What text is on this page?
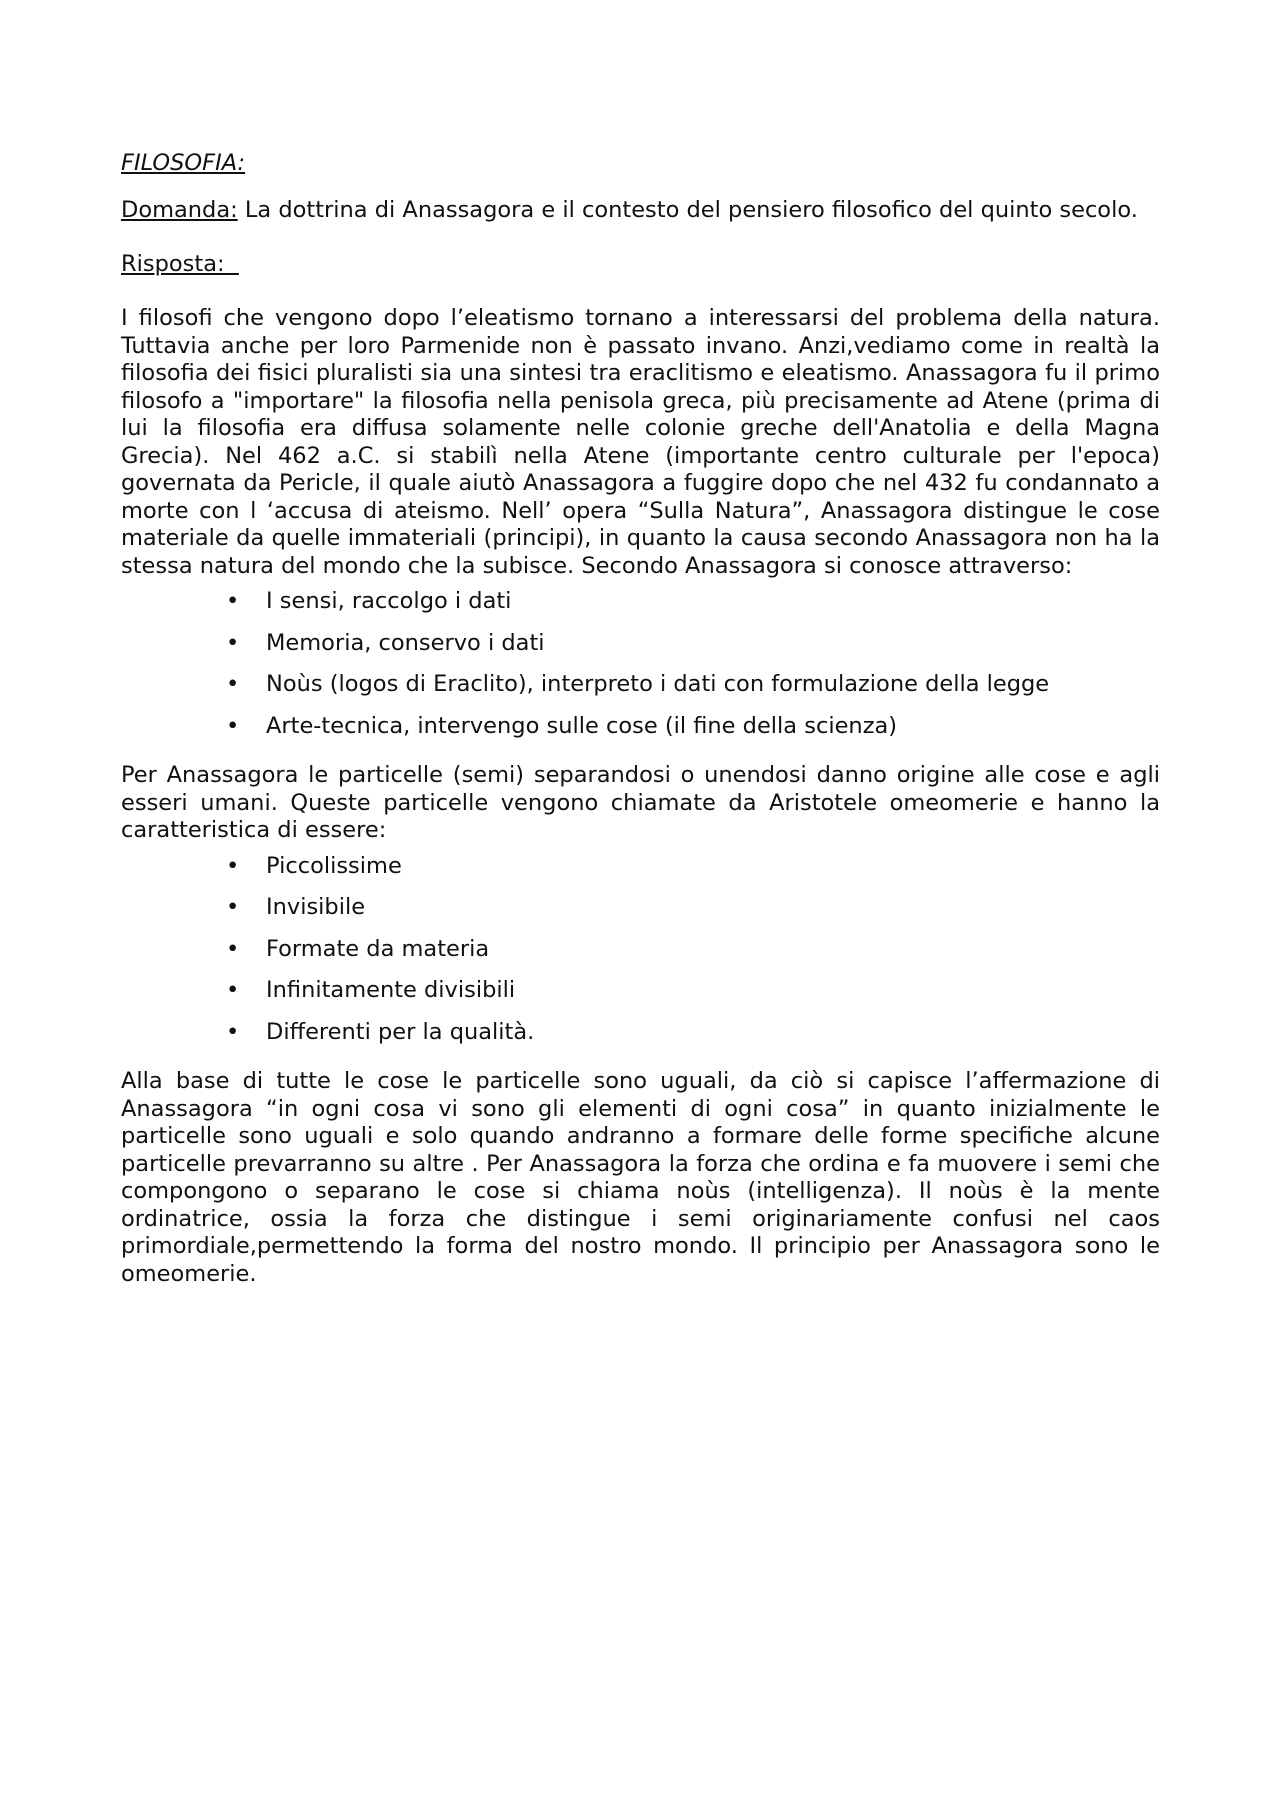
FILOSOFIA:
Domanda: La dottrina di Anassagora e il contesto del pensiero filosofico del quinto secolo.
Risposta:

I filosofi che vengono dopo l’eleatismo tornano a interessarsi del problema della natura. Tuttavia anche per loro Parmenide non è passato invano. Anzi,vediamo come in realtà la filosofia dei fisici pluralisti sia una sintesi tra eraclitismo e eleatismo. Anassagora fu il primo filosofo a "importare" la filosofia nella penisola greca, più precisamente ad Atene (prima di lui la filosofia era diffusa solamente nelle colonie greche dell'Anatolia e della Magna Grecia). Nel 462 a.C. si stabilì nella Atene (importante centro culturale per l'epoca) governata da Pericle, il quale aiutò Anassagora a fuggire dopo che nel 432 fu condannato a morte con l ‘accusa di ateismo. Nell’ opera “Sulla Natura”, Anassagora distingue le cose materiale da quelle immateriali (principi), in quanto la causa secondo Anassagora non ha la stessa natura del mondo che la subisce. Secondo Anassagora si conosce attraverso:

• I sensi, raccolgo i dati
• Memoria, conservo i dati
• Noùs (logos di Eraclito), interpreto i dati con formulazione della legge
• Arte-tecnica, intervengo sulle cose (il fine della scienza)

Per Anassagora le particelle (semi) separandosi o unendosi danno origine alle cose e agli esseri umani. Queste particelle vengono chiamate da Aristotele omeomerie e hanno la caratteristica di essere:

• Piccolissime
• Invisibile
• Formate da materia
• Infinitamente divisibili
• Differenti per la qualità.

Alla base di tutte le cose le particelle sono uguali, da ciò si capisce l’affermazione di Anassagora “in ogni cosa vi sono gli elementi di ogni cosa” in quanto inizialmente le particelle sono uguali e solo quando andranno a formare delle forme specifiche alcune particelle prevarranno su altre . Per Anassagora la forza che ordina e fa muovere i semi che compongono o separano le cose si chiama noùs (intelligenza). Il noùs è la mente ordinatrice, ossia la forza che distingue i semi originariamente confusi nel caos primordiale,permettendo la forma del nostro mondo. Il principio per Anassagora sono le omeomerie.
